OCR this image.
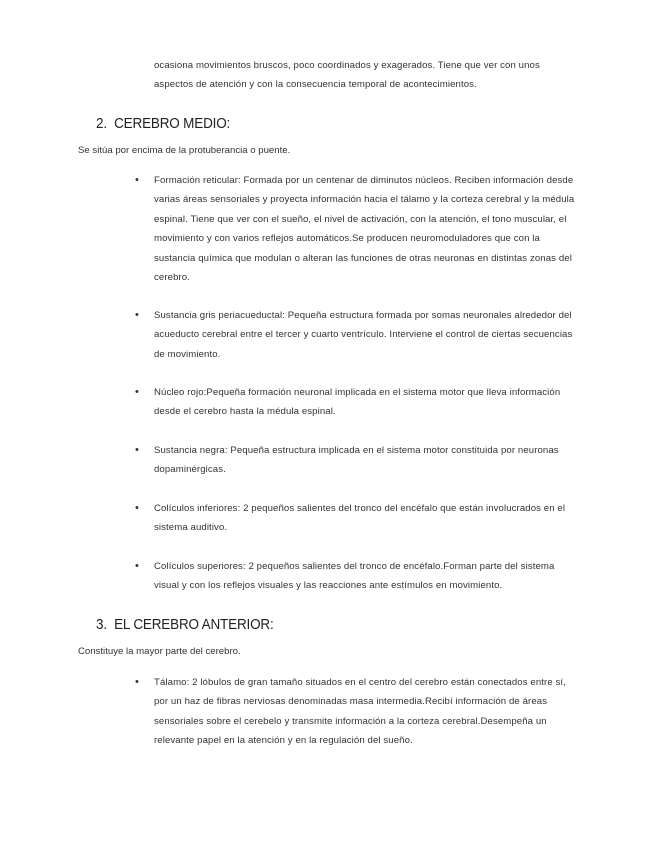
ocasiona movimientos bruscos, poco coordinados y exagerados. Tiene que ver con unos aspectos de atención y con la consecuencia temporal de acontecimientos.

2. CEREBRO MEDIO:

Se sitúa por encima de la protuberancia o puente.

• Formación reticular: Formada por un centenar de diminutos núcleos. Reciben información desde varias áreas sensoriales y proyecta información hacia el tálamo y la corteza cerebral y la médula espinal. Tiene que ver con el sueño, el nivel de activación, con la atención, el tono muscular, el movimiento y con varios reflejos automáticos.Se producen neuromoduladores que con la sustancia química que modulan o alteran las funciones de otras neuronas en distintas zonas del cerebro.
• Sustancia gris periacueductal: Pequeña estructura formada por somas neuronales alrededor del acueducto cerebral entre el tercer y cuarto ventrículo. Interviene el control de ciertas secuencias de movimiento.
• Núcleo rojo:Pequeña formación neuronal implicada en el sistema motor que lleva información desde el cerebro hasta la médula espinal.
• Sustancia negra: Pequeña estructura implicada en el sistema motor constituida por neuronas dopaminérgicas.
• Colículos inferiores: 2 pequeños salientes del tronco del encéfalo que están involucrados en el sistema auditivo.
• Colículos superiores: 2 pequeños salientes del tronco de encéfalo.Forman parte del sistema visual y con los reflejos visuales y las reacciones ante estímulos en movimiento.
3. EL CEREBRO ANTERIOR:

Constituye la mayor parte del cerebro.

• Tálamo: 2 lóbulos de gran tamaño situados en el centro del cerebro están conectados entre sí, por un haz de fibras nerviosas denominadas masa intermedia.Recibí información de áreas sensoriales sobre el cerebelo y transmite información a la corteza cerebral.Desempeña un relevante papel en la atención y en la regulación del sueño.
